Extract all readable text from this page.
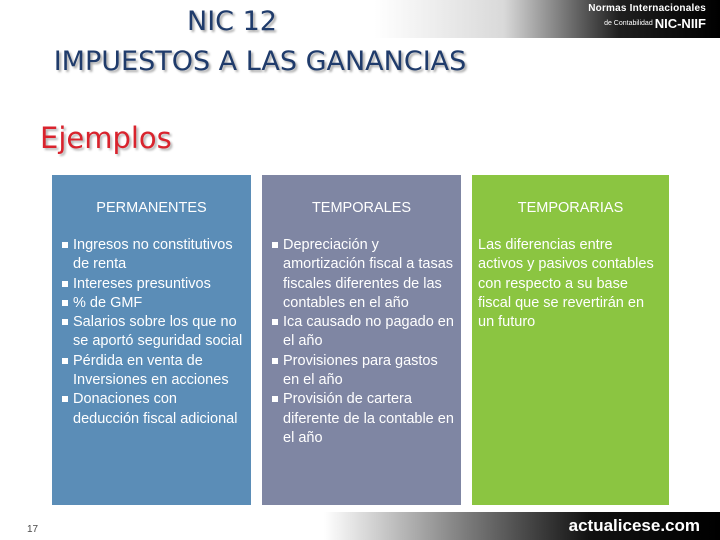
Normas Internacionales
de Contabilidad NIC-NIIF
NIC 12
IMPUESTOS A LAS GANANCIAS
Ejemplos
PERMANENTES
Ingresos no constitutivos de renta
Intereses presuntivos
% de GMF
Salarios sobre los que no se aportó seguridad social
Pérdida en venta de Inversiones en acciones
Donaciones con deducción fiscal adicional
TEMPORALES
Depreciación y amortización fiscal a tasas fiscales diferentes de las contables en el año
Ica causado no pagado en el año
Provisiones para gastos en el año
Provisión de cartera diferente de la contable en el año
TEMPORARIAS
Las diferencias entre activos y pasivos contables con respecto a su base fiscal que se revertirán en un futuro
actualicese.com
17
